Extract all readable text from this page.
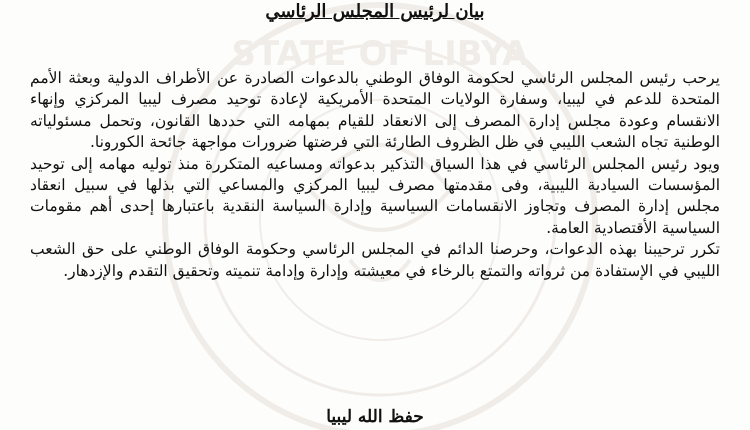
STATE OF LIBYA
بيان لرئيس المجلس الرئاسي

يرحب رئيس المجلس الرئاسي لحكومة الوفاق الوطني بالدعوات الصادرة عن الأطراف الدولية وبعثة الأمم المتحدة للدعم في ليبيا، وسفارة الولايات المتحدة الأمريكية لإعادة توحيد مصرف ليبيا المركزي وإنهاء الانقسام وعودة مجلس إدارة المصرف إلى الانعقاد للقيام بمهامه التي حددها القانون، وتحمل مسئولياته الوطنية تجاه الشعب الليبي في ظل الظروف الطارئة التي فرضتها ضرورات مواجهة جائحة الكورونا.

ويود رئيس المجلس الرئاسي في هذا السياق التذكير بدعواته ومساعيه المتكررة منذ توليه مهامه إلى توحيد المؤسسات السيادية الليبية، وفى مقدمتها مصرف ليبيا المركزي والمساعي التي بذلها في سبيل انعقاد مجلس إدارة المصرف وتجاوز الانقسامات السياسية وإدارة السياسة النقدية باعتبارها إحدى أهم مقومات السياسية الأقتصادية العامة.

تكرر ترحيبنا بهذه الدعوات، وحرصنا الدائم في المجلس الرئاسي وحكومة الوفاق الوطني على حق الشعب الليبي في الإستفادة من ثرواته والتمتع بالرخاء في معيشته وإدارة وإدامة تنميته وتحقيق التقدم والإزدهار.

حفظ الله ليبيا
